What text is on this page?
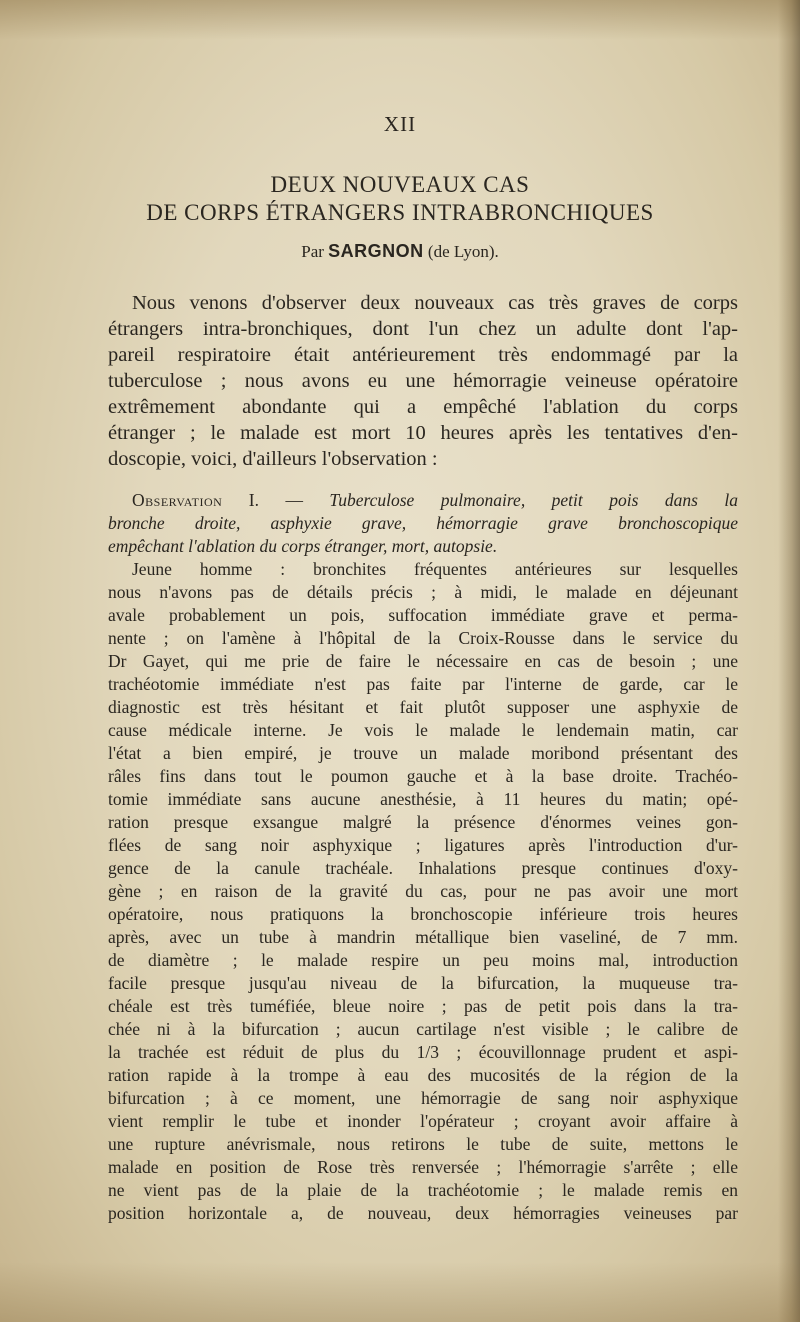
XII
DEUX NOUVEAUX CAS
DE CORPS ÉTRANGERS INTRABRONCHIQUES
Par SARGNON (de Lyon).
Nous venons d'observer deux nouveaux cas très graves de corps
étrangers intra-bronchiques, dont l'un chez un adulte dont l'ap-
pareil respiratoire était antérieurement très endommagé par la
tuberculose ; nous avons eu une hémorragie veineuse opératoire
extrêmement abondante qui a empêché l'ablation du corps
étranger ; le malade est mort 10 heures après les tentatives d'en-
doscopie, voici, d'ailleurs l'observation :
Observation I. — Tuberculose pulmonaire, petit pois dans la
bronche droite, asphyxie grave, hémorragie grave bronchoscopique
empêchant l'ablation du corps étranger, mort, autopsie.
Jeune homme : bronchites fréquentes antérieures sur lesquelles
nous n'avons pas de détails précis ; à midi, le malade en déjeunant
avale probablement un pois, suffocation immédiate grave et perma-
nente ; on l'amène à l'hôpital de la Croix-Rousse dans le service du
Dr Gayet, qui me prie de faire le nécessaire en cas de besoin ; une
trachéotomie immédiate n'est pas faite par l'interne de garde, car le
diagnostic est très hésitant et fait plutôt supposer une asphyxie de
cause médicale interne. Je vois le malade le lendemain matin, car
l'état a bien empiré, je trouve un malade moribond présentant des
râles fins dans tout le poumon gauche et à la base droite. Trachéo-
tomie immédiate sans aucune anesthésie, à 11 heures du matin; opé-
ration presque exsangue malgré la présence d'énormes veines gon-
flées de sang noir asphyxique ; ligatures après l'introduction d'ur-
gence de la canule trachéale. Inhalations presque continues d'oxy-
gène ; en raison de la gravité du cas, pour ne pas avoir une mort
opératoire, nous pratiquons la bronchoscopie inférieure trois heures
après, avec un tube à mandrin métallique bien vaseliné, de 7 mm.
de diamètre ; le malade respire un peu moins mal, introduction
facile presque jusqu'au niveau de la bifurcation, la muqueuse tra-
chéale est très tuméfiée, bleue noire ; pas de petit pois dans la tra-
chée ni à la bifurcation ; aucun cartilage n'est visible ; le calibre de
la trachée est réduit de plus du 1/3 ; écouvillonnage prudent et aspi-
ration rapide à la trompe à eau des mucosités de la région de la
bifurcation ; à ce moment, une hémorragie de sang noir asphyxique
vient remplir le tube et inonder l'opérateur ; croyant avoir affaire à
une rupture anévrismale, nous retirons le tube de suite, mettons le
malade en position de Rose très renversée ; l'hémorragie s'arrête ; elle
ne vient pas de la plaie de la trachéotomie ; le malade remis en
position horizontale a, de nouveau, deux hémorragies veineuses par
